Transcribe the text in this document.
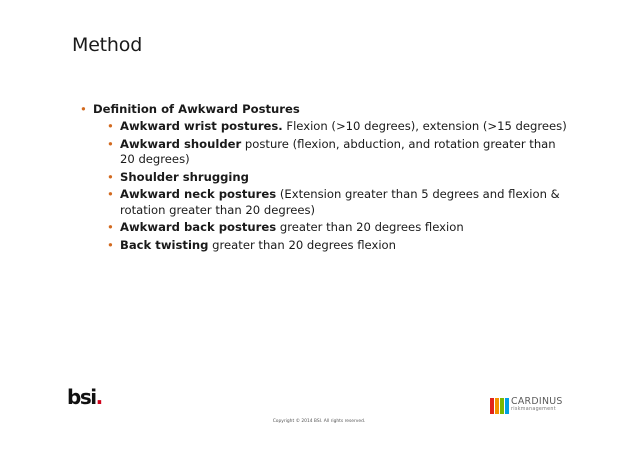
Method
• Definition of Awkward Postures
• Awkward wrist postures. Flexion (>10 degrees), extension (>15 degrees)
• Awkward shoulder posture (flexion, abduction, and rotation greater than 20 degrees)
• Shoulder shrugging
• Awkward neck postures (Extension greater than 5 degrees and flexion & rotation greater than 20 degrees)
• Awkward back postures greater than 20 degrees flexion
• Back twisting greater than 20 degrees flexion
bsi.
Copyright © 2014 BSI. All rights reserved.
CARDINUS
riskmanagement
